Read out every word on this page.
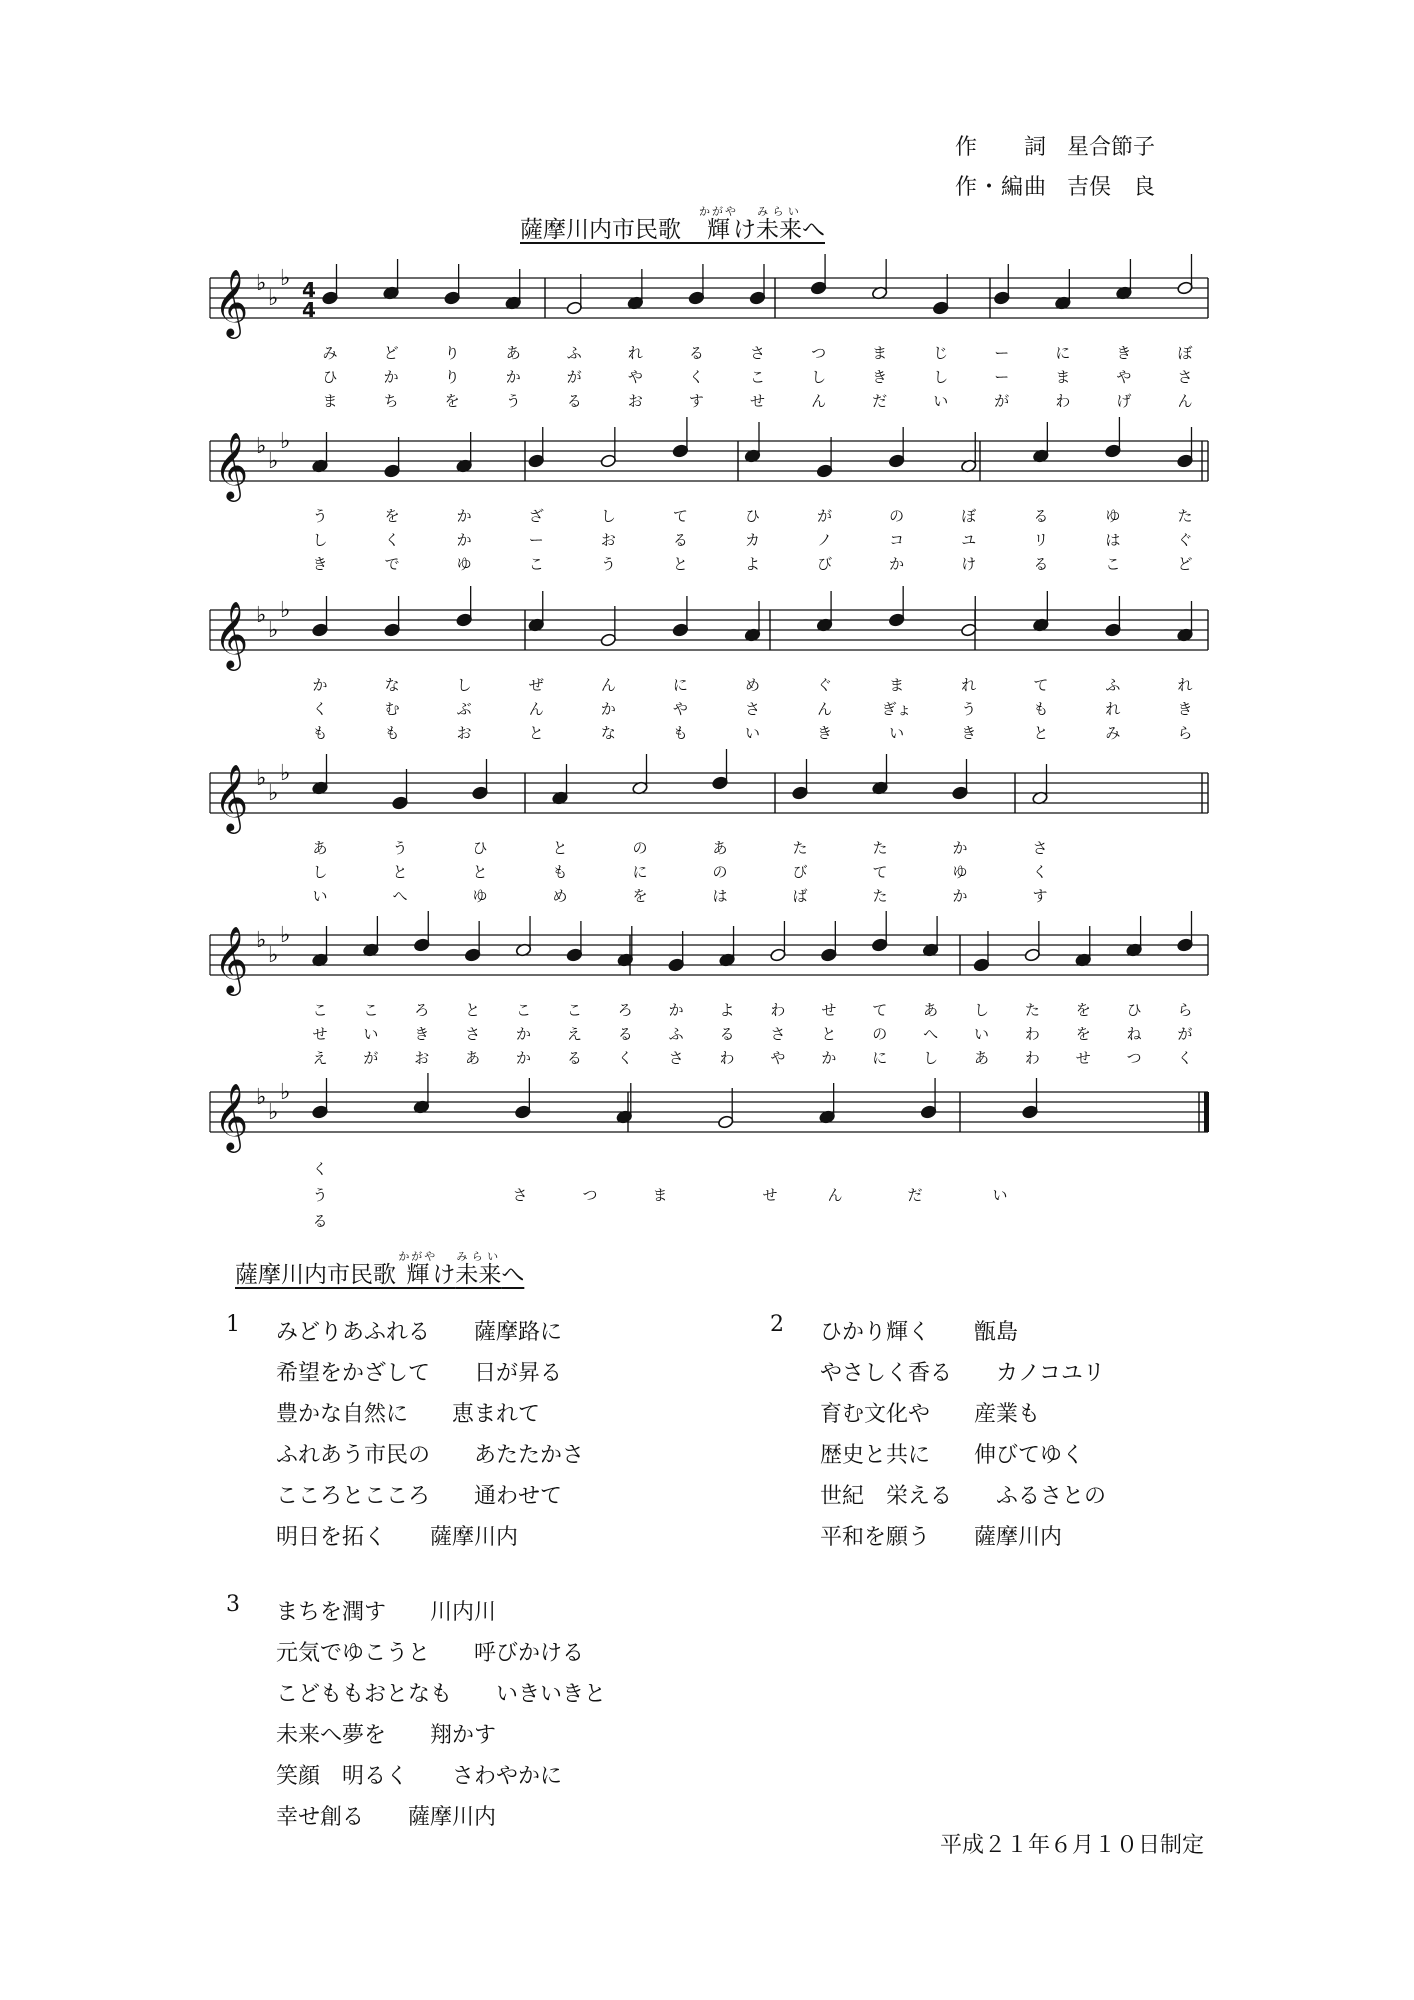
作　　詞 星合節子
作・編曲 吉俣　良
薩摩川内市民歌　輝かがやけ未来みらいへ
𝄞 ♭
♭
♭ 4
4
み	ど	り	あ	ふ	れ	る	さ	つ	ま	じ	ー	に	き	ぼ
ひ	か	り	か	が	や	く	こ	し	き	し	ー	ま	や	さ
ま	ち	を	う	る	お	す	せ	ん	だ	い	が	わ	げ	ん
𝄞 ♭
♭
♭
う	を	か	ざ	し	て	ひ	が	の	ぼ	る	ゆ	た
し	く	か	ー	お	る	カ	ノ	コ	ユ	リ	は	ぐ
き	で	ゆ	こ	う	と	よ	び	か	け	る	こ	ど
𝄞 ♭
♭
♭
か	な	し	ぜ	ん	に	め	ぐ	ま	れ	て	ふ	れ
く	む	ぶ	ん	か	や	さ	ん	ぎょ	う	も	れ	き
も	も	お	と	な	も	い	き	い	き	と	み	ら
𝄞 ♭
♭
♭
あ	う	ひ	と	の	あ	た	た	か	さ
し	と	と	も	に	の	び	て	ゆ	く
い	へ	ゆ	め	を	は	ば	た	か	す
𝄞 ♭
♭
♭
こ こ ろ と こ こ ろ か よ わ せ て あ し た を ひ ら
せ い き さ か え る ふ る さ と の へ い わ を ね が
え が お あ か る く さ わ や か に し あ わ せ つ く
𝄞 ♭
♭
♭
く
う	さ	つ	ま	せ	ん	だ	い
る
薩摩川内市民歌 輝かがやけ未来みらいへ
1 みどりあふれる　　薩摩路に
希望をかざして　　日が昇る
豊かな自然に　　恵まれて
ふれあう市民の　　あたたかさ
こころとこころ　　通わせて
明日を拓く　　薩摩川内
2 ひかり輝く　　甑島
やさしく香る　　カノコユリ
育む文化や　　産業も
歴史と共に　　伸びてゆく
世紀　栄える　　ふるさとの
平和を願う　　薩摩川内
3 まちを潤す　　川内川
元気でゆこうと　　呼びかける
こどももおとなも　　いきいきと
未来へ夢を　　翔かす
笑顔　明るく　　さわやかに
幸せ創る　　薩摩川内
平成２１年６月１０日制定
